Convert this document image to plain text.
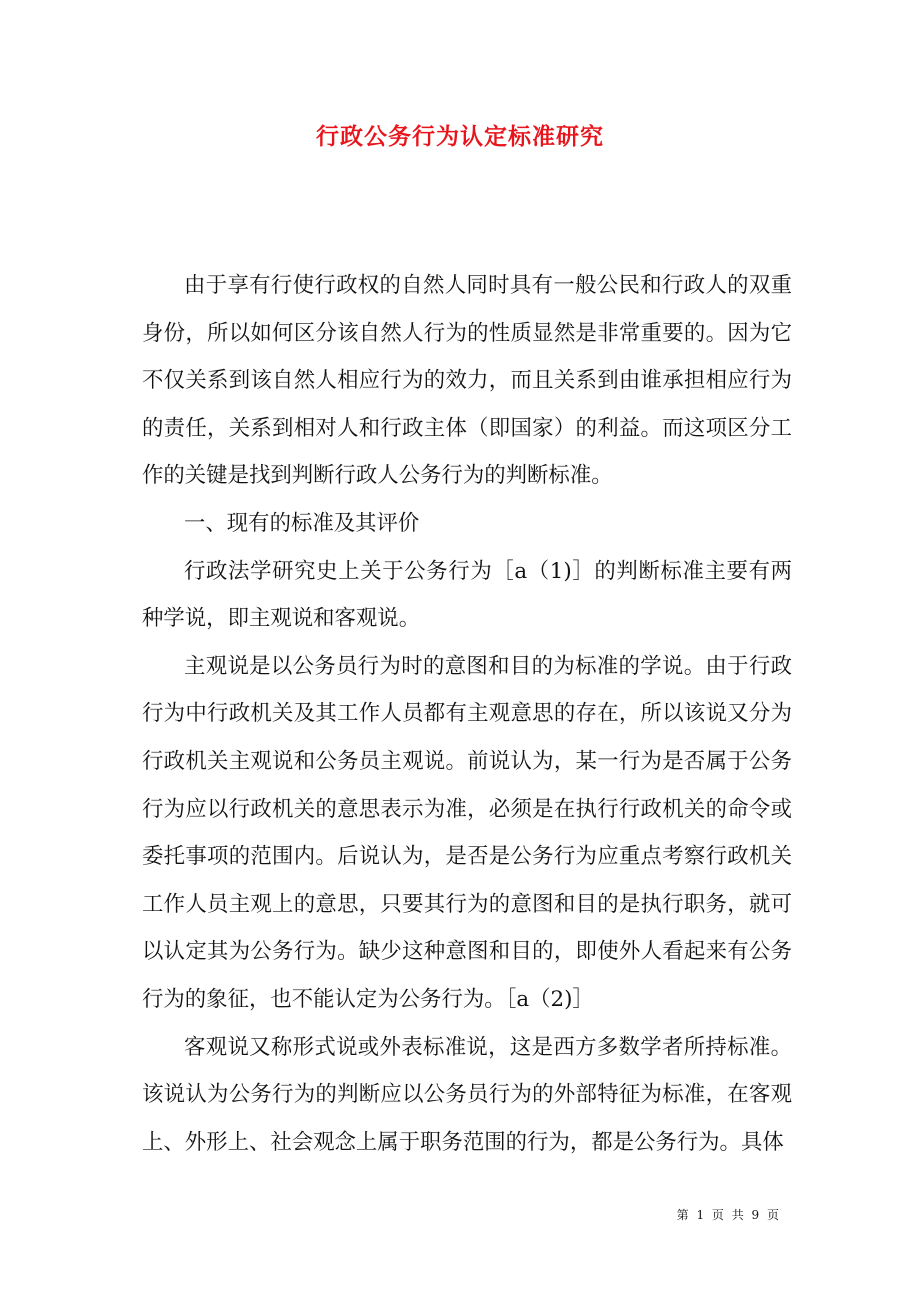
行政公务行为认定标准研究

由于享有行使行政权的自然人同时具有一般公民和行政人的双重身份，所以如何区分该自然人行为的性质显然是非常重要的。因为它不仅关系到该自然人相应行为的效力，而且关系到由谁承担相应行为的责任，关系到相对人和行政主体（即国家）的利益。而这项区分工作的关键是找到判断行政人公务行为的判断标准。

一、现有的标准及其评价

行政法学研究史上关于公务行为［a（1)］的判断标准主要有两种学说，即主观说和客观说。

主观说是以公务员行为时的意图和目的为标准的学说。由于行政行为中行政机关及其工作人员都有主观意思的存在，所以该说又分为行政机关主观说和公务员主观说。前说认为，某一行为是否属于公务行为应以行政机关的意思表示为准，必须是在执行行政机关的命令或委托事项的范围内。后说认为，是否是公务行为应重点考察行政机关工作人员主观上的意思，只要其行为的意图和目的是执行职务，就可以认定其为公务行为。缺少这种意图和目的，即使外人看起来有公务行为的象征，也不能认定为公务行为。［a（2)］

客观说又称形式说或外表标准说，这是西方多数学者所持标准。该说认为公务行为的判断应以公务员行为的外部特征为标准，在客观上、外形上、社会观念上属于职务范围的行为，都是公务行为。具体

第 1 页 共 9 页
